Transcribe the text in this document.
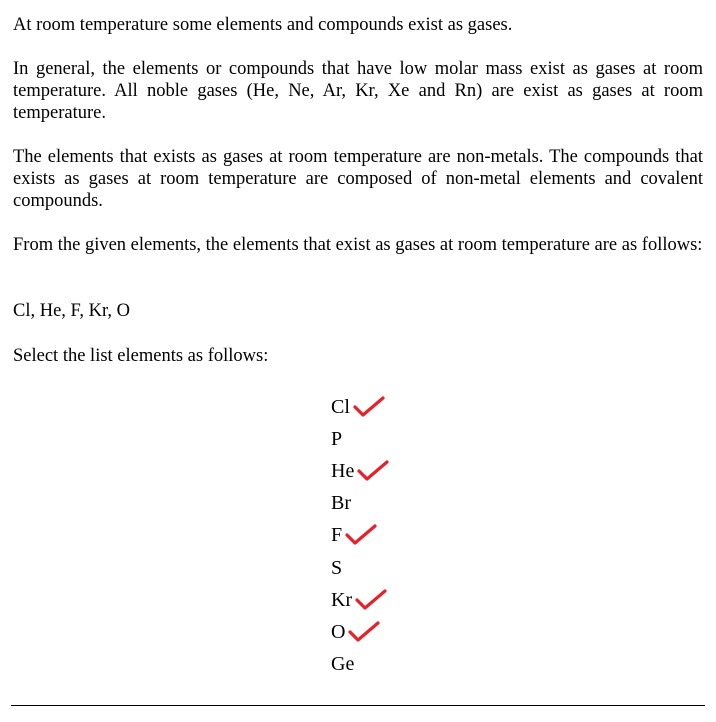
At room temperature some elements and compounds exist as gases.

In general, the elements or compounds that have low molar mass exist as gases at room temperature. All noble gases (He, Ne, Ar, Kr, Xe and Rn) are exist as gases at room temperature.

The elements that exists as gases at room temperature are non-metals. The compounds that exists as gases at room temperature are composed of non-metal elements and covalent compounds.

From the given elements, the elements that exist as gases at room temperature are as follows:

Cl, He, F, Kr, O

Select the list elements as follows:

Cl
P
He
Br
F
S
Kr
O
Ge
